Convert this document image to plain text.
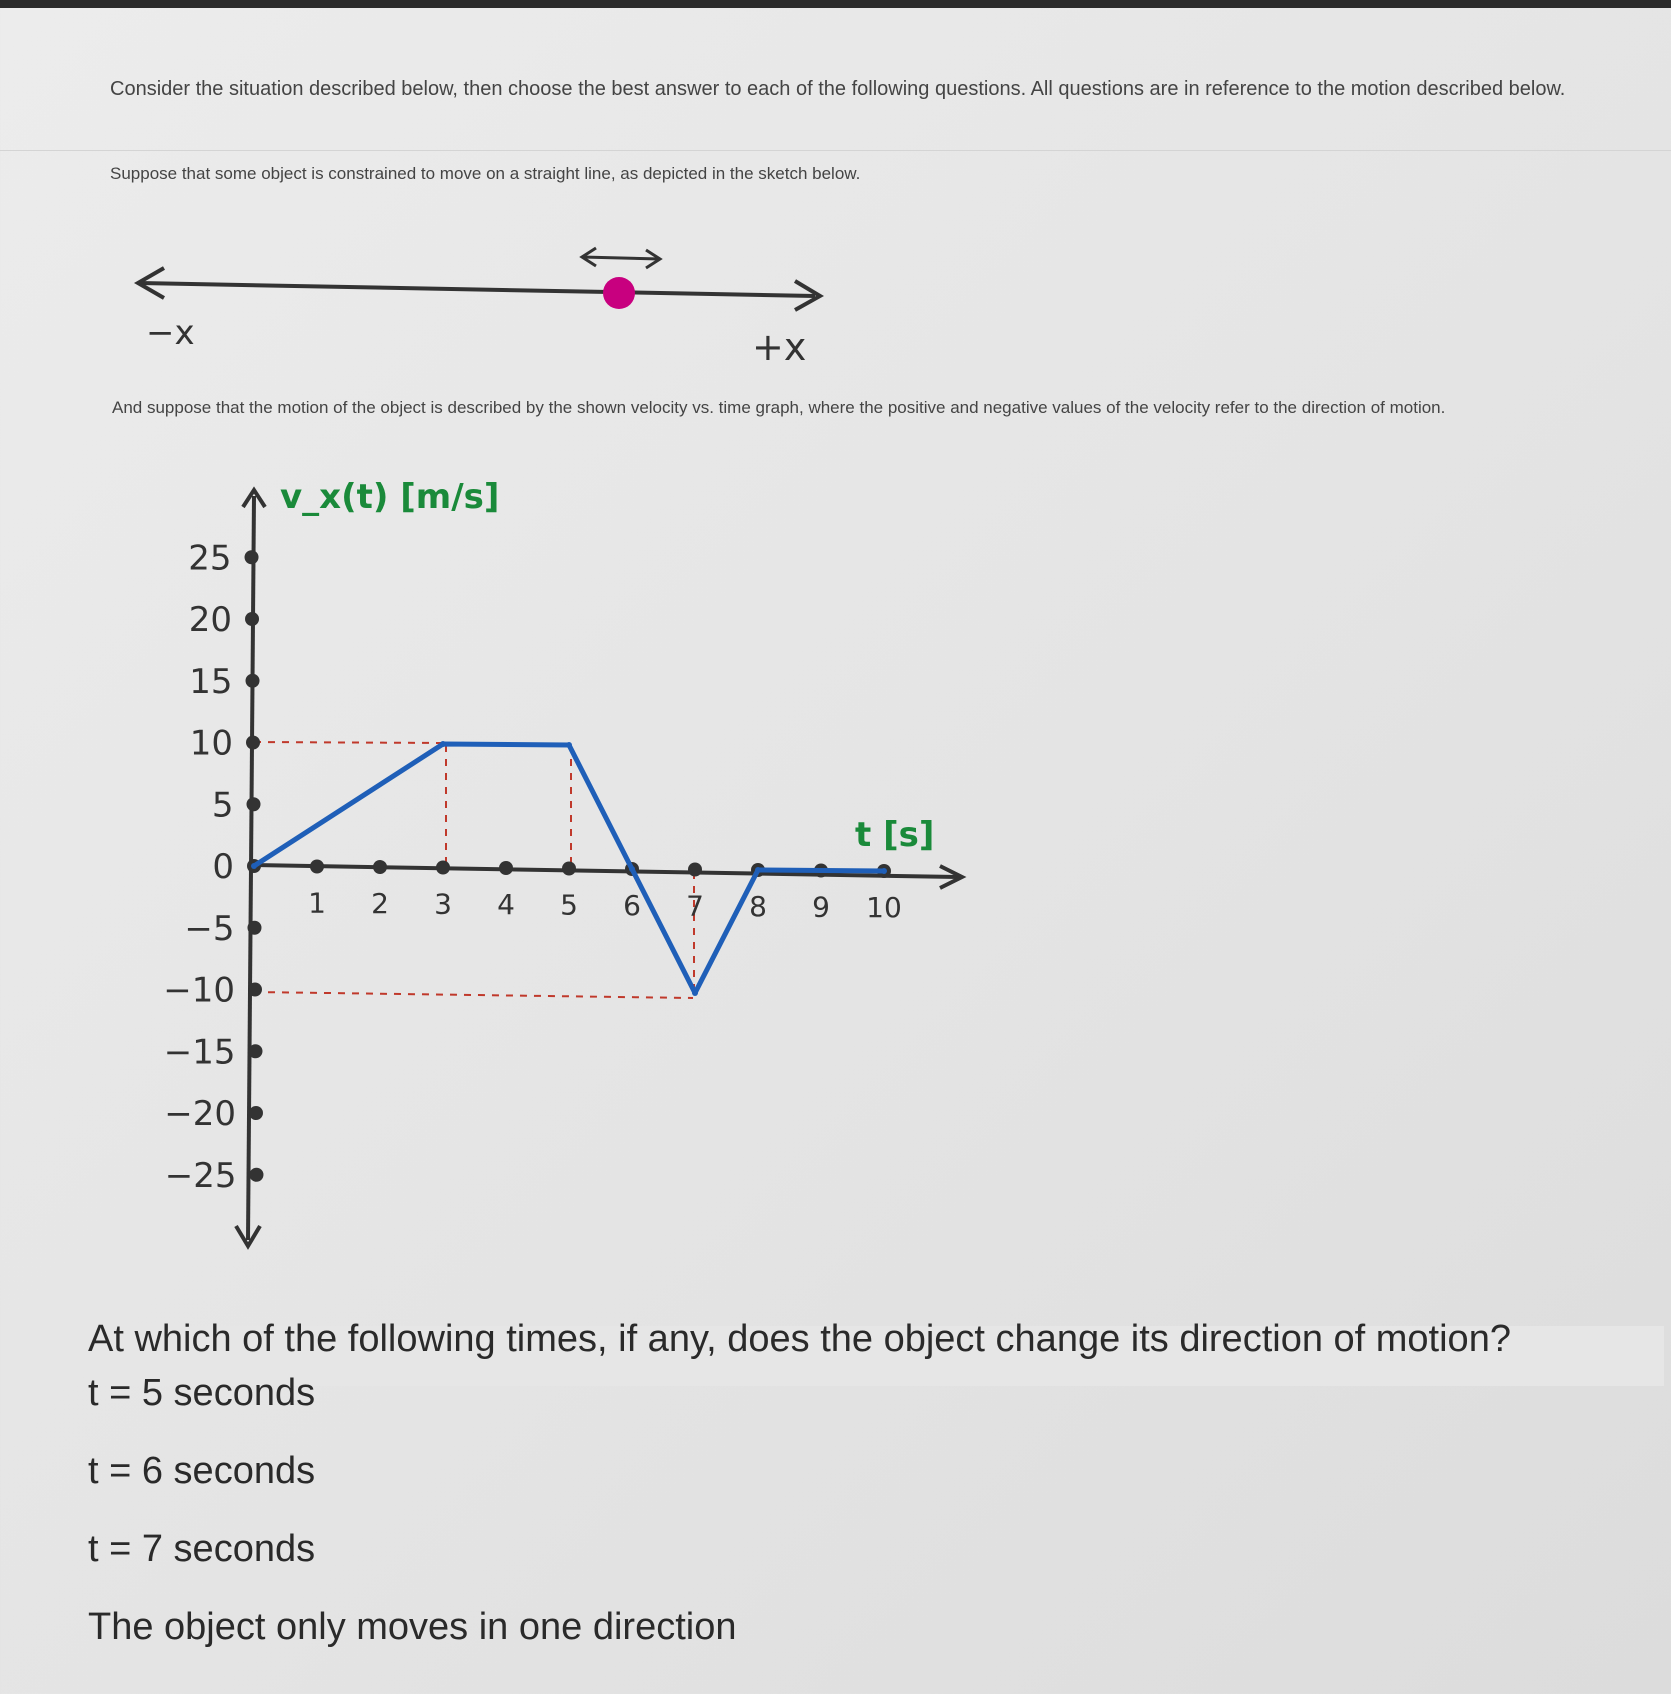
Consider the situation described below, then choose the best answer to each of the following questions. All questions are in reference to the motion described below.
Suppose that some object is constrained to move on a straight line, as depicted in the sketch below.
−x	+x
25
20
15
10
5
0
−5
−10
−15
−20
−25
1 2 3 4 5 6 7 8 9 10
v_x(t) [m/s]
t [s]
And suppose that the motion of the object is described by the shown velocity vs. time graph, where the positive and negative values of the velocity refer to the direction of motion.
At which of the following times, if any, does the object change its direction of motion?
t = 5 seconds
t = 6 seconds
t = 7 seconds
The object only moves in one direction
